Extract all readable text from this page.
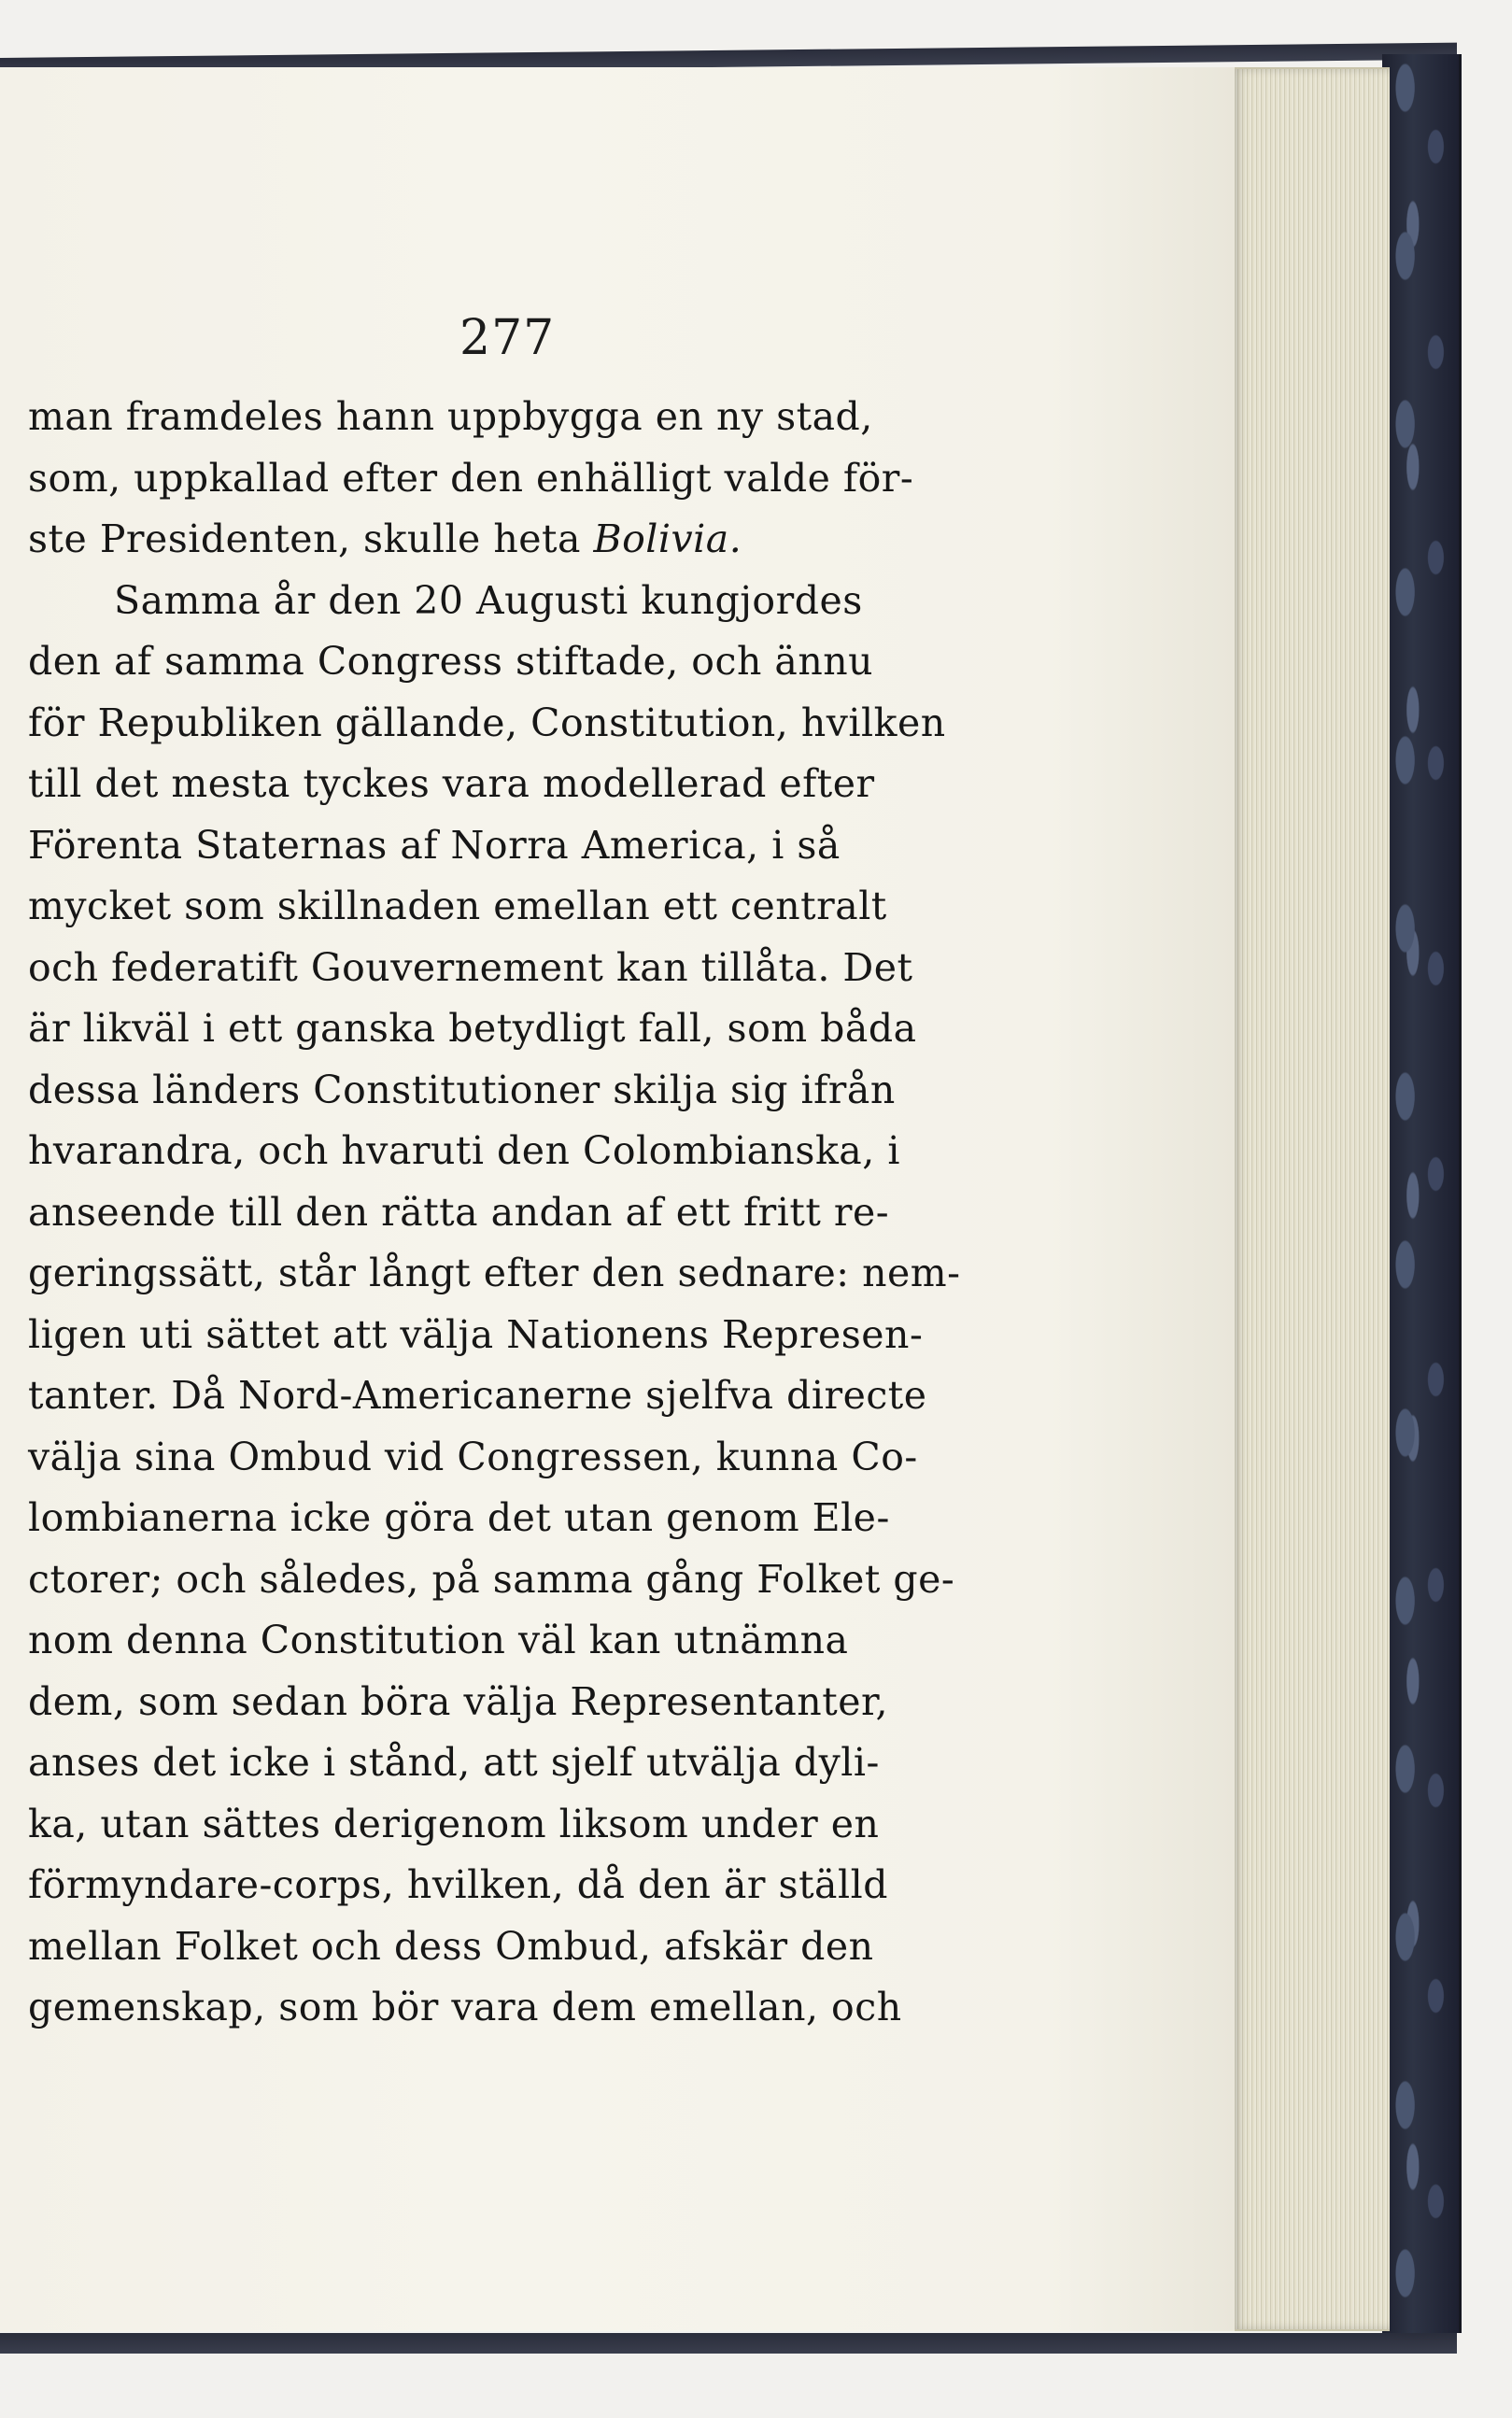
277
man framdeles hann uppbygga en ny stad,
som, uppkallad efter den enhälligt valde för-
ste Presidenten, skulle heta Bolivia.
Samma år den 20 Augusti kungjordes
den af samma Congress stiftade, och ännu
för Republiken gällande, Constitution, hvilken
till det mesta tyckes vara modellerad efter
Förenta Staternas af Norra America, i så
mycket som skillnaden emellan ett centralt
och federatift Gouvernement kan tillåta. Det
är likväl i ett ganska betydligt fall, som båda
dessa länders Constitutioner skilja sig ifrån
hvarandra, och hvaruti den Colombianska, i
anseende till den rätta andan af ett fritt re-
geringssätt, står långt efter den sednare: nem-
ligen uti sättet att välja Nationens Represen-
tanter. Då Nord-Americanerne sjelfva directe
välja sina Ombud vid Congressen, kunna Co-
lombianerna icke göra det utan genom Ele-
ctorer; och således, på samma gång Folket ge-
nom denna Constitution väl kan utnämna
dem, som sedan böra välja Representanter,
anses det icke i stånd, att sjelf utvälja dyli-
ka, utan sättes derigenom liksom under en
förmyndare-corps, hvilken, då den är ställd
mellan Folket och dess Ombud, afskär den
gemenskap, som bör vara dem emellan, och
